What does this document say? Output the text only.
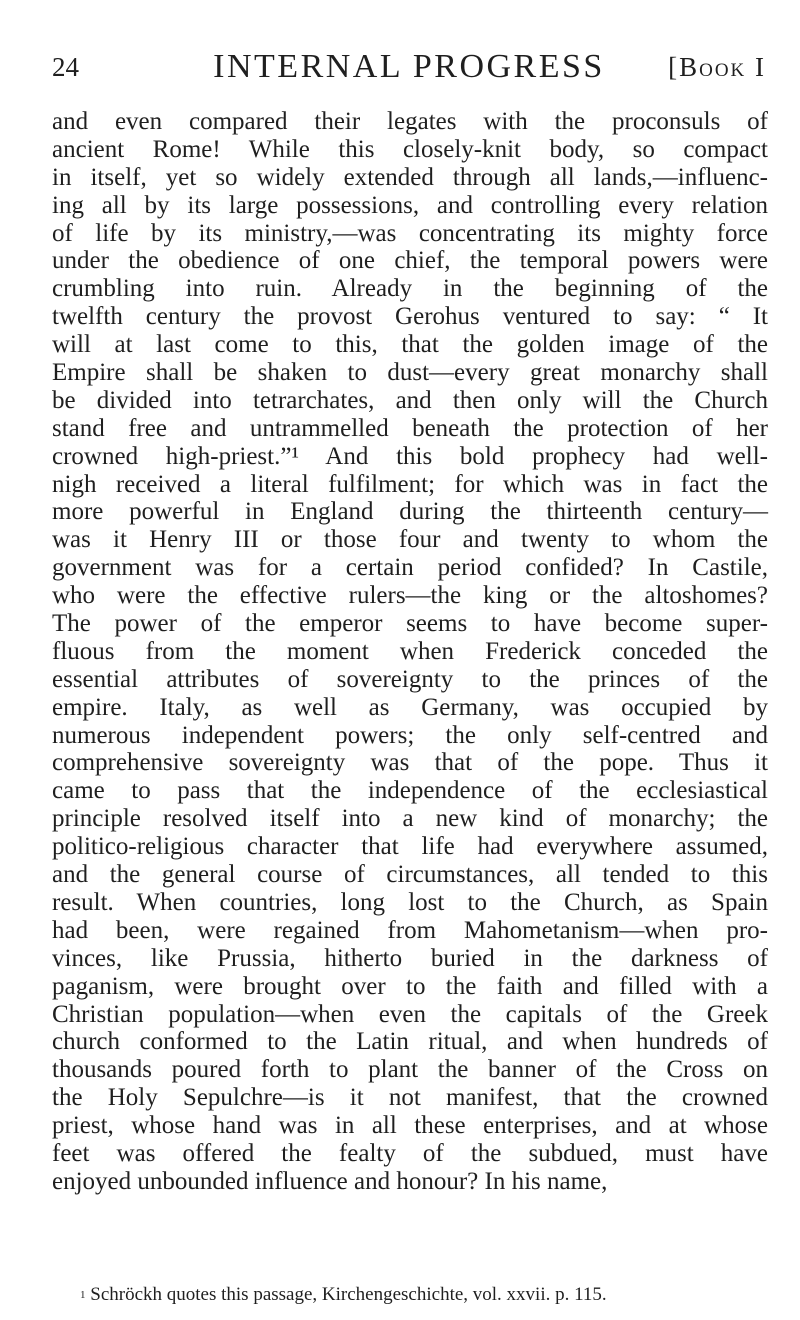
24	INTERNAL PROGRESS	[Book I
and even compared their legates with the proconsuls of
ancient Rome! While this closely-knit body, so compact
in itself, yet so widely extended through all lands,—influenc-
ing all by its large possessions, and controlling every relation
of life by its ministry,—was concentrating its mighty force
under the obedience of one chief, the temporal powers were
crumbling into ruin. Already in the beginning of the
twelfth century the provost Gerohus ventured to say: “ It
will at last come to this, that the golden image of the
Empire shall be shaken to dust—every great monarchy shall
be divided into tetrarchates, and then only will the Church
stand free and untrammelled beneath the protection of her
crowned high-priest.”¹ And this bold prophecy had well-
nigh received a literal fulfilment; for which was in fact the
more powerful in England during the thirteenth century—
was it Henry III or those four and twenty to whom the
government was for a certain period confided? In Castile,
who were the effective rulers—the king or the altoshomes?
The power of the emperor seems to have become super-
fluous from the moment when Frederick conceded the
essential attributes of sovereignty to the princes of the
empire. Italy, as well as Germany, was occupied by
numerous independent powers; the only self-centred and
comprehensive sovereignty was that of the pope. Thus it
came to pass that the independence of the ecclesiastical
principle resolved itself into a new kind of monarchy; the
politico-religious character that life had everywhere assumed,
and the general course of circumstances, all tended to this
result. When countries, long lost to the Church, as Spain
had been, were regained from Mahometanism—when pro-
vinces, like Prussia, hitherto buried in the darkness of
paganism, were brought over to the faith and filled with a
Christian population—when even the capitals of the Greek
church conformed to the Latin ritual, and when hundreds of
thousands poured forth to plant the banner of the Cross on
the Holy Sepulchre—is it not manifest, that the crowned
priest, whose hand was in all these enterprises, and at whose
feet was offered the fealty of the subdued, must have
enjoyed unbounded influence and honour? In his name,
$^1$ Schröckh quotes this passage, Kirchengeschichte, vol. xxvii. p. 115.
